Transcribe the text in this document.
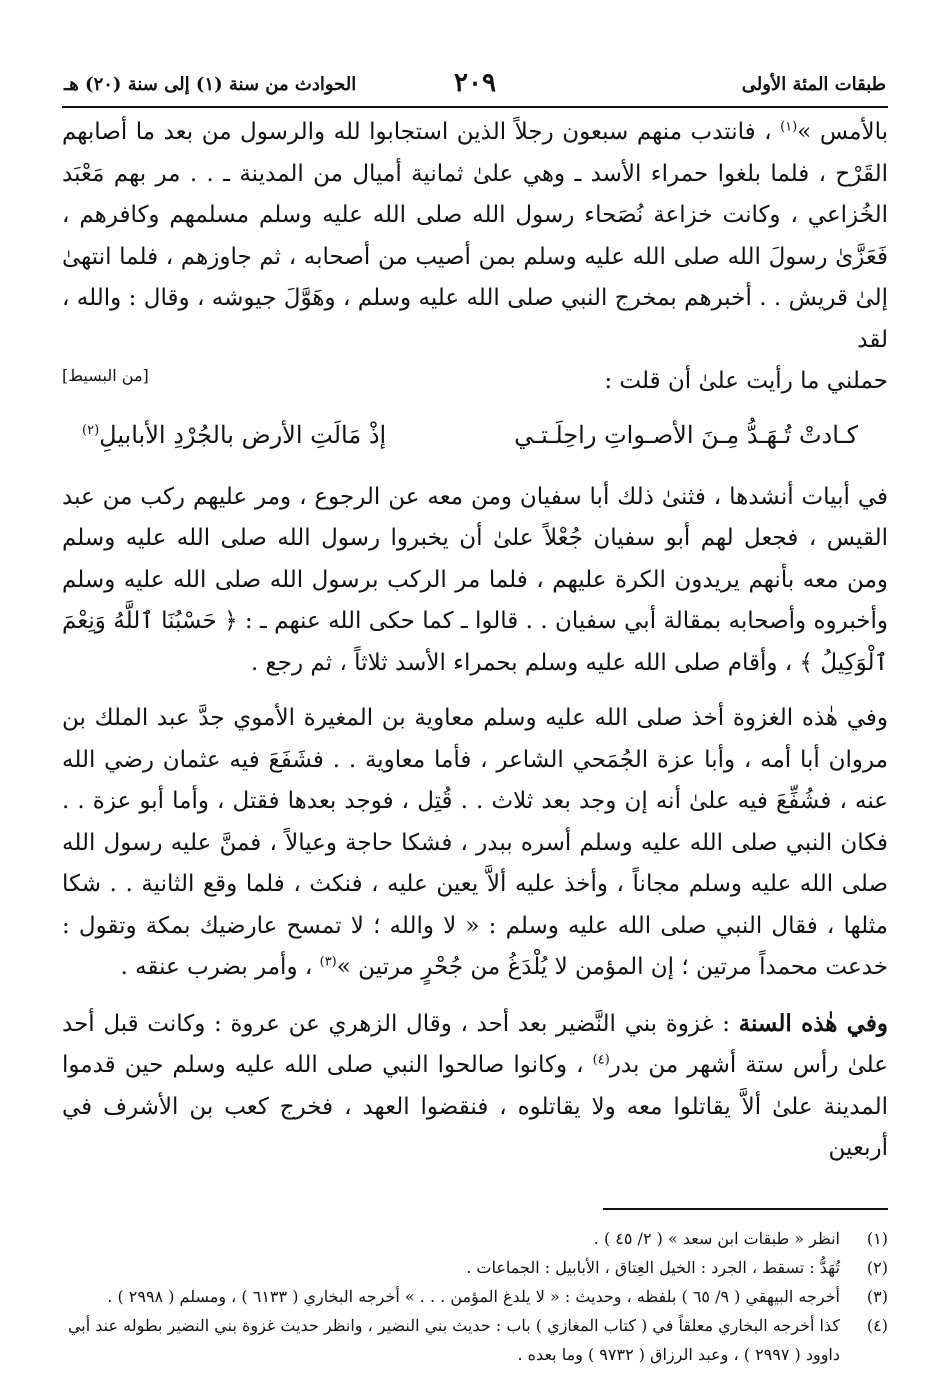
طبقات المئة الأولى
٢٠٩
الحوادث من سنة (١) إلى سنة (٢٠) هـ

بالأمس »$^{(١)}$ ، فانتدب منهم سبعون رجلاً الذين استجابوا لله والرسول من بعد ما أصابهم القَرْح ، فلما بلغوا حمراء الأسد ـ وهي علىٰ ثمانية أميال من المدينة ـ . . مر بهم مَعْبَد الخُزاعي ، وكانت خزاعة نُصَحاء رسول الله صلى الله عليه وسلم مسلمهم وكافرهم ، فَعَزَّىٰ رسولَ الله صلى الله عليه وسلم بمن أصيب من أصحابه ، ثم جاوزهم ، فلما انتهىٰ إلىٰ قريش . . أخبرهم بمخرج النبي صلى الله عليه وسلم ، وهَوَّلَ جيوشه ، وقال : والله ، لقد

حملني ما رأيت علىٰ أن قلت :
[من البسيط]
كـادتْ تُـهَـدُّ مِـنَ الأصـواتِ راحِلَـتـي
إذْ مَالَتِ الأرض بالجُرْدِ الأبابيلِ$^{(٢)}$

في أبيات أنشدها ، فثنىٰ ذلك أبا سفيان ومن معه عن الرجوع ، ومر عليهم ركب من عبد القيس ، فجعل لهم أبو سفيان جُعْلاً علىٰ أن يخبروا رسول الله صلى الله عليه وسلم ومن معه بأنهم يريدون الكرة عليهم ، فلما مر الركب برسول الله صلى الله عليه وسلم وأخبروه وأصحابه بمقالة أبي سفيان . . قالوا ـ كما حكى الله عنهم ـ : ﴿ حَسْبُنَا ٱللَّهُ وَنِعْمَ ٱلْوَكِيلُ ﴾ ، وأقام صلى الله عليه وسلم بحمراء الأسد ثلاثاً ، ثم رجع .

وفي هٰذه الغزوة أخذ صلى الله عليه وسلم معاوية بن المغيرة الأموي جدَّ عبد الملك بن مروان أبا أمه ، وأبا عزة الجُمَحي الشاعر ، فأما معاوية . . فشَفَعَ فيه عثمان رضي الله عنه ، فشُفِّعَ فيه علىٰ أنه إن وجد بعد ثلاث . . قُتِل ، فوجد بعدها فقتل ، وأما أبو عزة . . فكان النبي صلى الله عليه وسلم أسره ببدر ، فشكا حاجة وعيالاً ، فمنَّ عليه رسول الله صلى الله عليه وسلم مجاناً ، وأخذ عليه ألاَّ يعين عليه ، فنكث ، فلما وقع الثانية . . شكا مثلها ، فقال النبي صلى الله عليه وسلم : « لا والله ؛ لا تمسح عارضيك بمكة وتقول : خدعت محمداً مرتين ؛ إن المؤمن لا يُلْدَغُ من جُحْرٍ مرتين »$^{(٣)}$ ، وأمر بضرب عنقه .

وفي هٰذه السنة : غزوة بني النَّضير بعد أحد ، وقال الزهري عن عروة : وكانت قبل أحد علىٰ رأس ستة أشهر من بدر$^{(٤)}$ ، وكانوا صالحوا النبي صلى الله عليه وسلم حين قدموا المدينة علىٰ ألاَّ يقاتلوا معه ولا يقاتلوه ، فنقضوا العهد ، فخرج كعب بن الأشرف في أربعين

(١)
انظر « طبقات ابن سعد » ( ٢/ ٤٥ ) .
(٢)
تُهَدُّ : تسقط ، الجرد : الخيل العِتاق ، الأبابيل : الجماعات .
(٣)
أخرجه البيهقي ( ٩/ ٦٥ ) بلفظه ، وحديث : « لا يلدغ المؤمن . . . » أخرجه البخاري ( ٦١٣٣ ) ، ومسلم ( ٢٩٩٨ ) .
(٤)
كذا أخرجه البخاري معلقاً في ( كتاب المغازي ) باب : حديث بني النضير ، وانظر حديث غزوة بني النضير بطوله عند أبي داوود ( ٢٩٩٧ ) ، وعبد الرزاق ( ٩٧٣٢ ) وما بعده .
